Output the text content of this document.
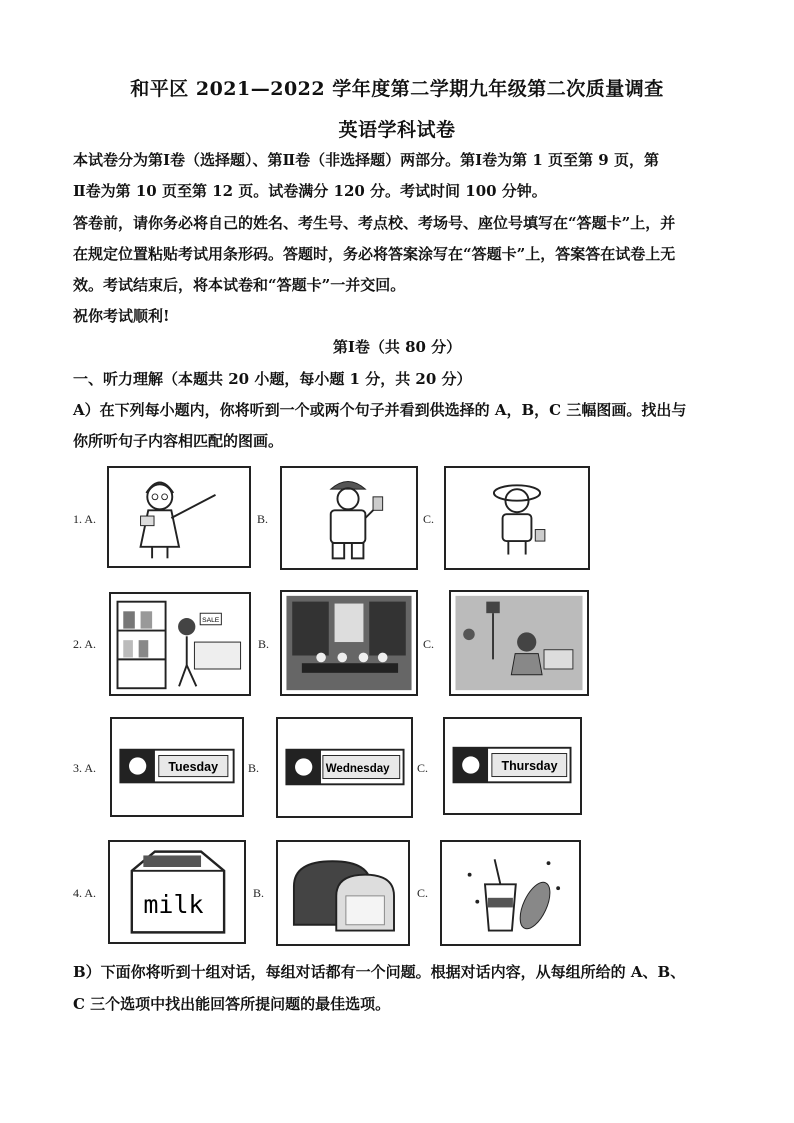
和平区 2021—2022 学年度第二学期九年级第二次质量调查
英语学科试卷
本试卷分为第Ⅰ卷（选择题）、第Ⅱ卷（非选择题）两部分。第Ⅰ卷为第 1 页至第 9 页，第
Ⅱ卷为第 10 页至第 12 页。试卷满分 120 分。考试时间 100 分钟。
答卷前，请你务必将自己的姓名、考生号、考点校、考场号、座位号填写在“答题卡”上，并
在规定位置粘贴考试用条形码。答题时，务必将答案涂写在“答题卡”上，答案答在试卷上无
效。考试结束后，将本试卷和“答题卡”一并交回。
祝你考试顺利!
第Ⅰ卷（共 80 分）
一、听力理解（本题共 20 小题，每小题 1 分，共 20 分）
A）在下列每小题内，你将听到一个或两个句子并看到供选择的 A，B，C 三幅图画。找出与
你所听句子内容相匹配的图画。
1. A.	B.	C.
2. A.
SALE
B.	C.
3. A.	Tuesday B.	Wednesday C.	Thursday
4. A. milk	B.	C.
B）下面你将听到十组对话，每组对话都有一个问题。根据对话内容，从每组所给的 A、B、
C 三个选项中找出能回答所提问题的最佳选项。
